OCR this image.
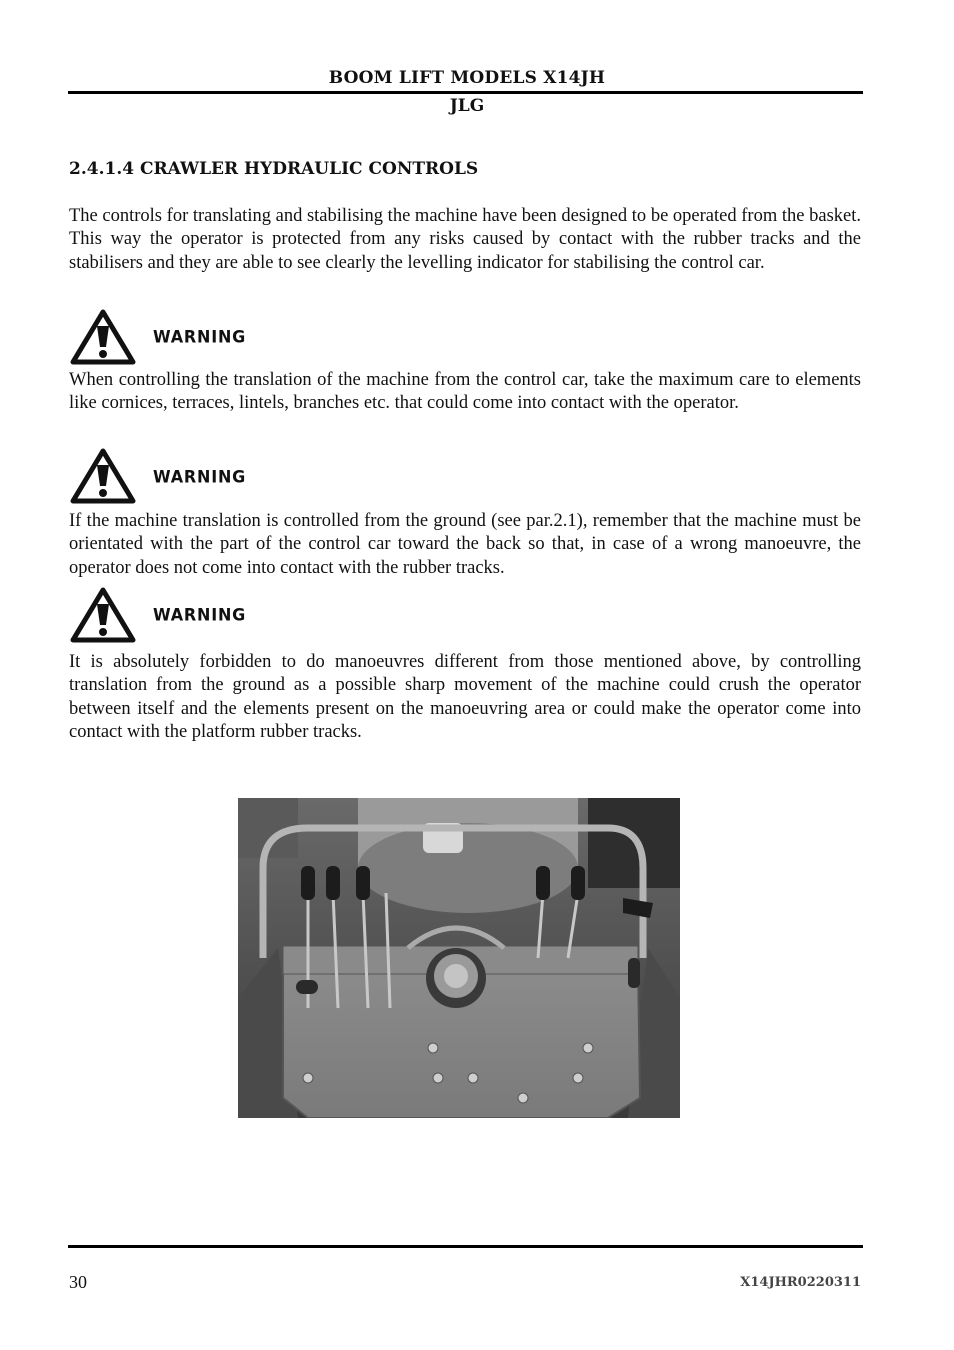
BOOM LIFT MODELS X14JH
JLG
2.4.1.4 CRAWLER HYDRAULIC CONTROLS

The controls for translating and stabilising the machine have been designed to be operated from the basket. This way the operator is protected from any risks caused by contact with the rubber tracks and the stabilisers and they are able to see clearly the levelling indicator for stabilising the control car.

WARNING

When controlling the translation of the machine from the control car, take the maximum care to elements like cornices, terraces, lintels, branches etc. that could come into contact with the operator.

WARNING

If the machine translation is controlled from the ground (see par.2.1), remember that the machine must be orientated with the part of the control car toward the back so that, in case of a wrong manoeuvre, the operator does not come into contact with the rubber tracks.

WARNING

It is absolutely forbidden to do manoeuvres different from those mentioned above, by controlling translation from the ground as a possible sharp movement of the machine could crush the operator between itself and the elements present on the manoeuvring area or could make the operator come into contact with the platform rubber tracks.

30	X14JHR0220311
